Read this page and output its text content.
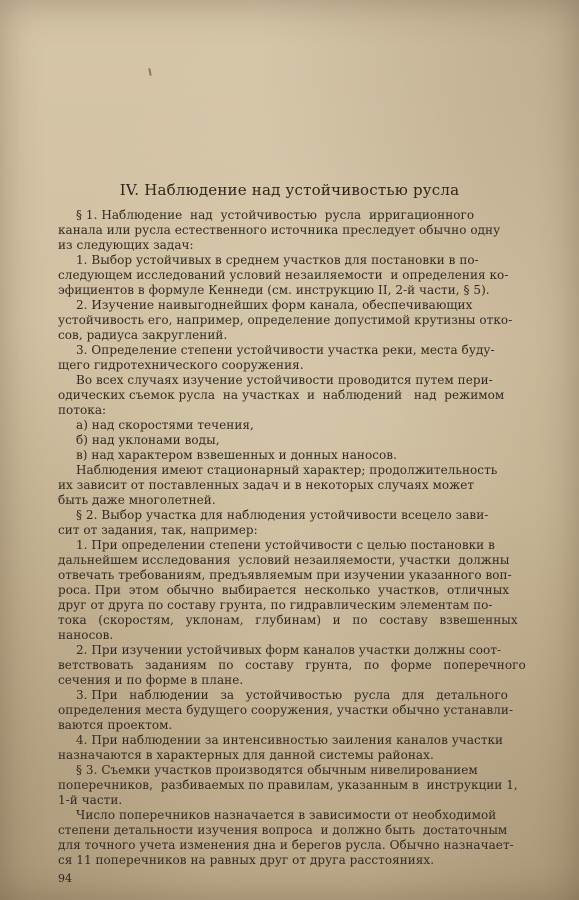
IV. Наблюдение над устойчивостью русла
§ 1. Наблюдение  над  устойчивостью  русла  ирригационного
канала или русла естественного источника преследует обычно одну
из следующих задач:
1. Выбор устойчивых в среднем участков для постановки в по-
следующем исследований условий незаиляемости  и определения ко-
эфициентов в формуле Кеннеди (см. инструкцию II, 2-й части, § 5).
2. Изучение наивыгоднейших форм канала, обеспечивающих
устойчивость его, например, определение допустимой крутизны отко-
сов, радиуса закруглений.
3. Определение степени устойчивости участка реки, места буду-
щего гидротехнического сооружения.
Во всех случаях изучение устойчивости проводится путем пери-
одических съемок русла  на участках  и  наблюдений   над  режимом
потока:
а) над скоростями течения,
б) над уклонами воды,
в) над характером взвешенных и донных наносов.
Наблюдения имеют стационарный характер; продолжительность
их зависит от поставленных задач и в некоторых случаях может
быть даже многолетней.
§ 2. Выбор участка для наблюдения устойчивости всецело зави-
сит от задания, так, например:
1. При определении степени устойчивости с целью постановки в
дальнейшем исследования  условий незаиляемости, участки  должны
отвечать требованиям, предъявляемым при изучении указанного воп-
роса. При  этом  обычно  выбирается  несколько  участков,  отличных
друг от друга по составу грунта, по гидравлическим элементам по-
тока   (скоростям,   уклонам,   глубинам)   и   по   составу   взвешенных
наносов.
2. При изучении устойчивых форм каналов участки должны соот-
ветствовать   заданиям   по   составу   грунта,   по   форме   поперечного
сечения и по форме в плане.
3. При   наблюдении   за   устойчивостью   русла   для   детального
определения места будущего сооружения, участки обычно устанавли-
ваются проектом.
4. При наблюдении за интенсивностью заиления каналов участки
назначаются в характерных для данной системы районах.
§ 3. Съемки участков производятся обычным нивелированием
поперечников,  разбиваемых по правилам, указанным в  инструкции 1,
1-й части.
Число поперечников назначается в зависимости от необходимой
степени детальности изучения вопроса  и должно быть  достаточным
для точного учета изменения дна и берегов русла. Обычно назначает-
ся 11 поперечников на равных друг от друга расстояниях.
94
